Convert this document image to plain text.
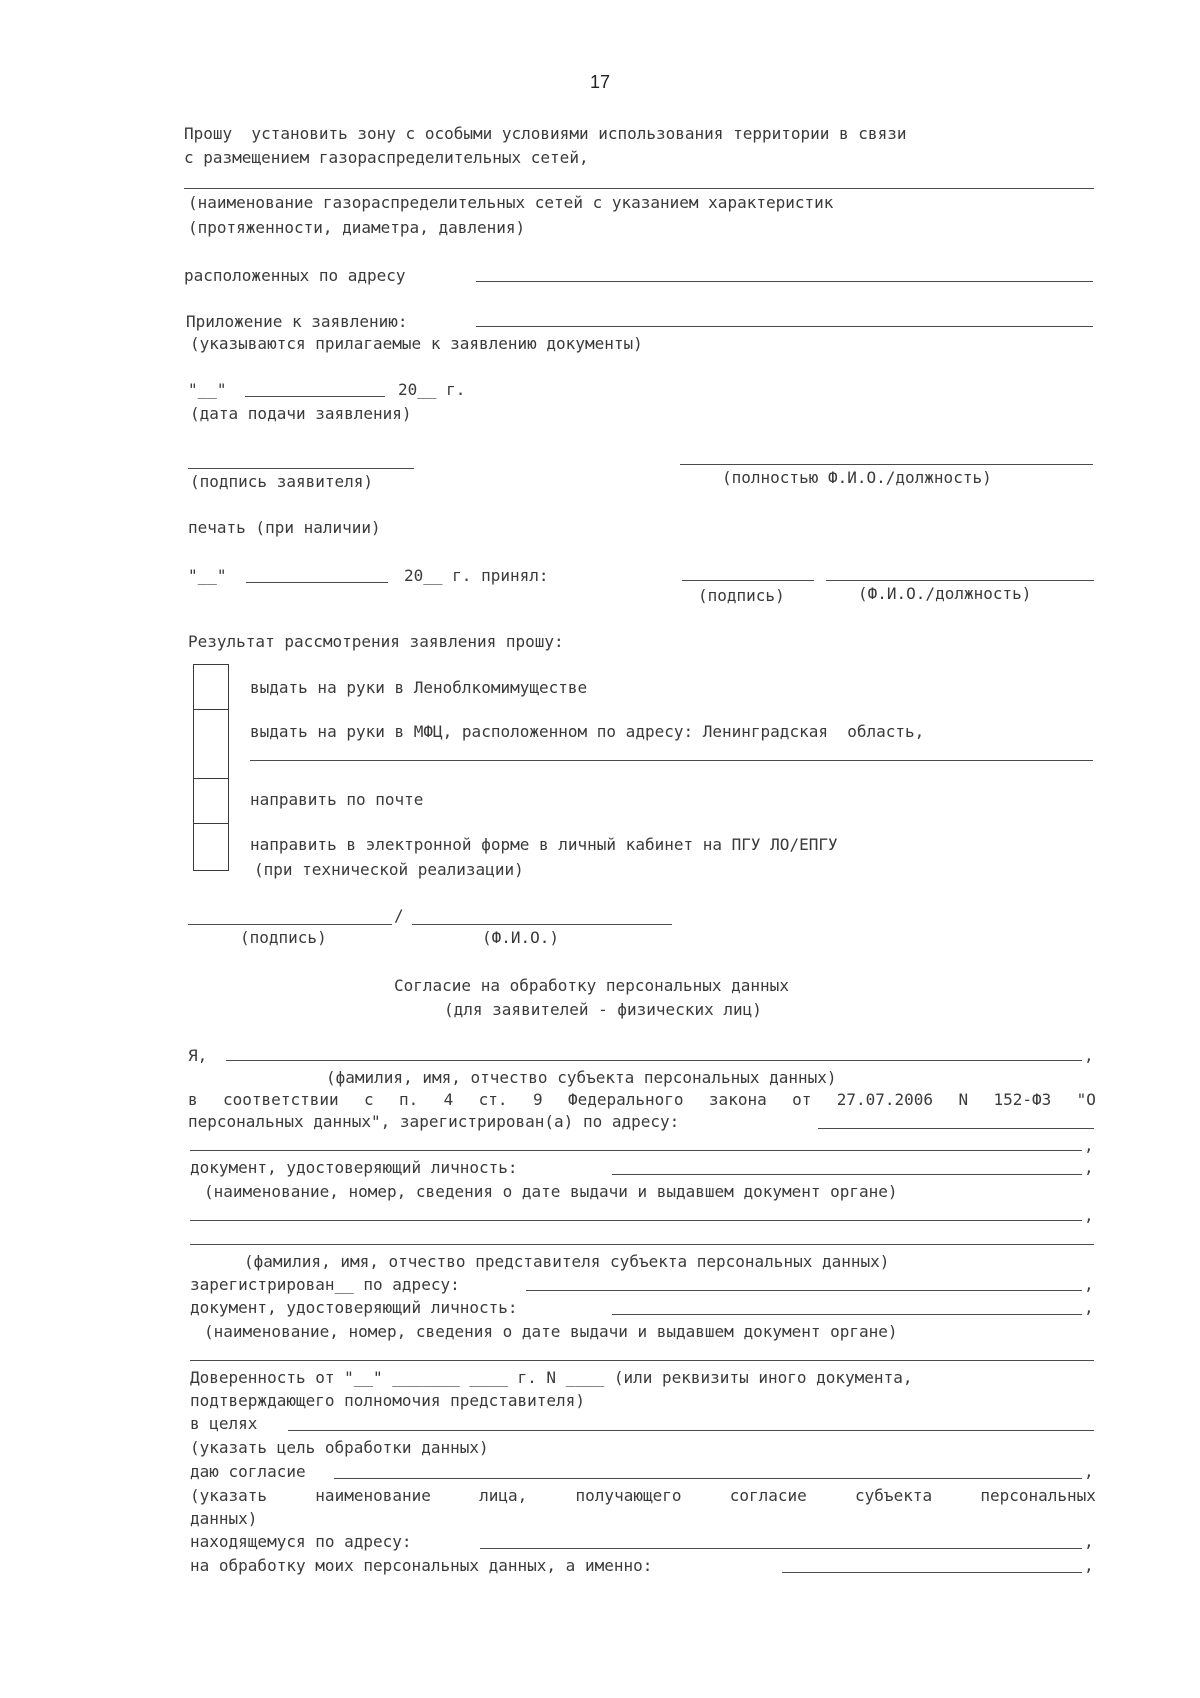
17
Прошу  установить зону с особыми условиями использования территории в связи
с размещением газораспределительных сетей,
(наименование газораспределительных сетей с указанием характеристик
(протяженности, диаметра, давления)
расположенных по адресу
Приложение к заявлению:
(указываются прилагаемые к заявлению документы)
"__"	20__ г.
(дата подачи заявления)
(подпись заявителя)	(полностью Ф.И.О./должность)
печать (при наличии)
"__"	20__ г. принял:
(подпись)	(Ф.И.О./должность)
Результат рассмотрения заявления прошу:
выдать на руки в Леноблкомимуществе
выдать на руки в МФЦ, расположенном по адресу: Ленинградская  область,
направить по почте
направить в электронной форме в личный кабинет на ПГУ ЛО/ЕПГУ
(при технической реализации)
/
(подпись)	(Ф.И.О.)
Согласие на обработку персональных данных
(для заявителей - физических лиц)
Я,	,
(фамилия, имя, отчество субъекта персональных данных)
в соответствии с п. 4 ст. 9 Федерального закона от 27.07.2006 N 152-ФЗ "О
персональных данных", зарегистрирован(а) по адресу:
,
документ, удостоверяющий личность:	,
(наименование, номер, сведения о дате выдачи и выдавшем документ органе)
,
(фамилия, имя, отчество представителя субъекта персональных данных)
зарегистрирован__ по адресу:	,
документ, удостоверяющий личность:	,
(наименование, номер, сведения о дате выдачи и выдавшем документ органе)
Доверенность от "__" _______ ____ г. N ____ (или реквизиты иного документа,
подтверждающего полномочия представителя)
в целях
(указать цель обработки данных)
даю согласие	,
(указать	наименование	лица,	получающего	согласие	субъекта	персональных
данных)
находящемуся по адресу:	,
на обработку моих персональных данных, а именно:	,
